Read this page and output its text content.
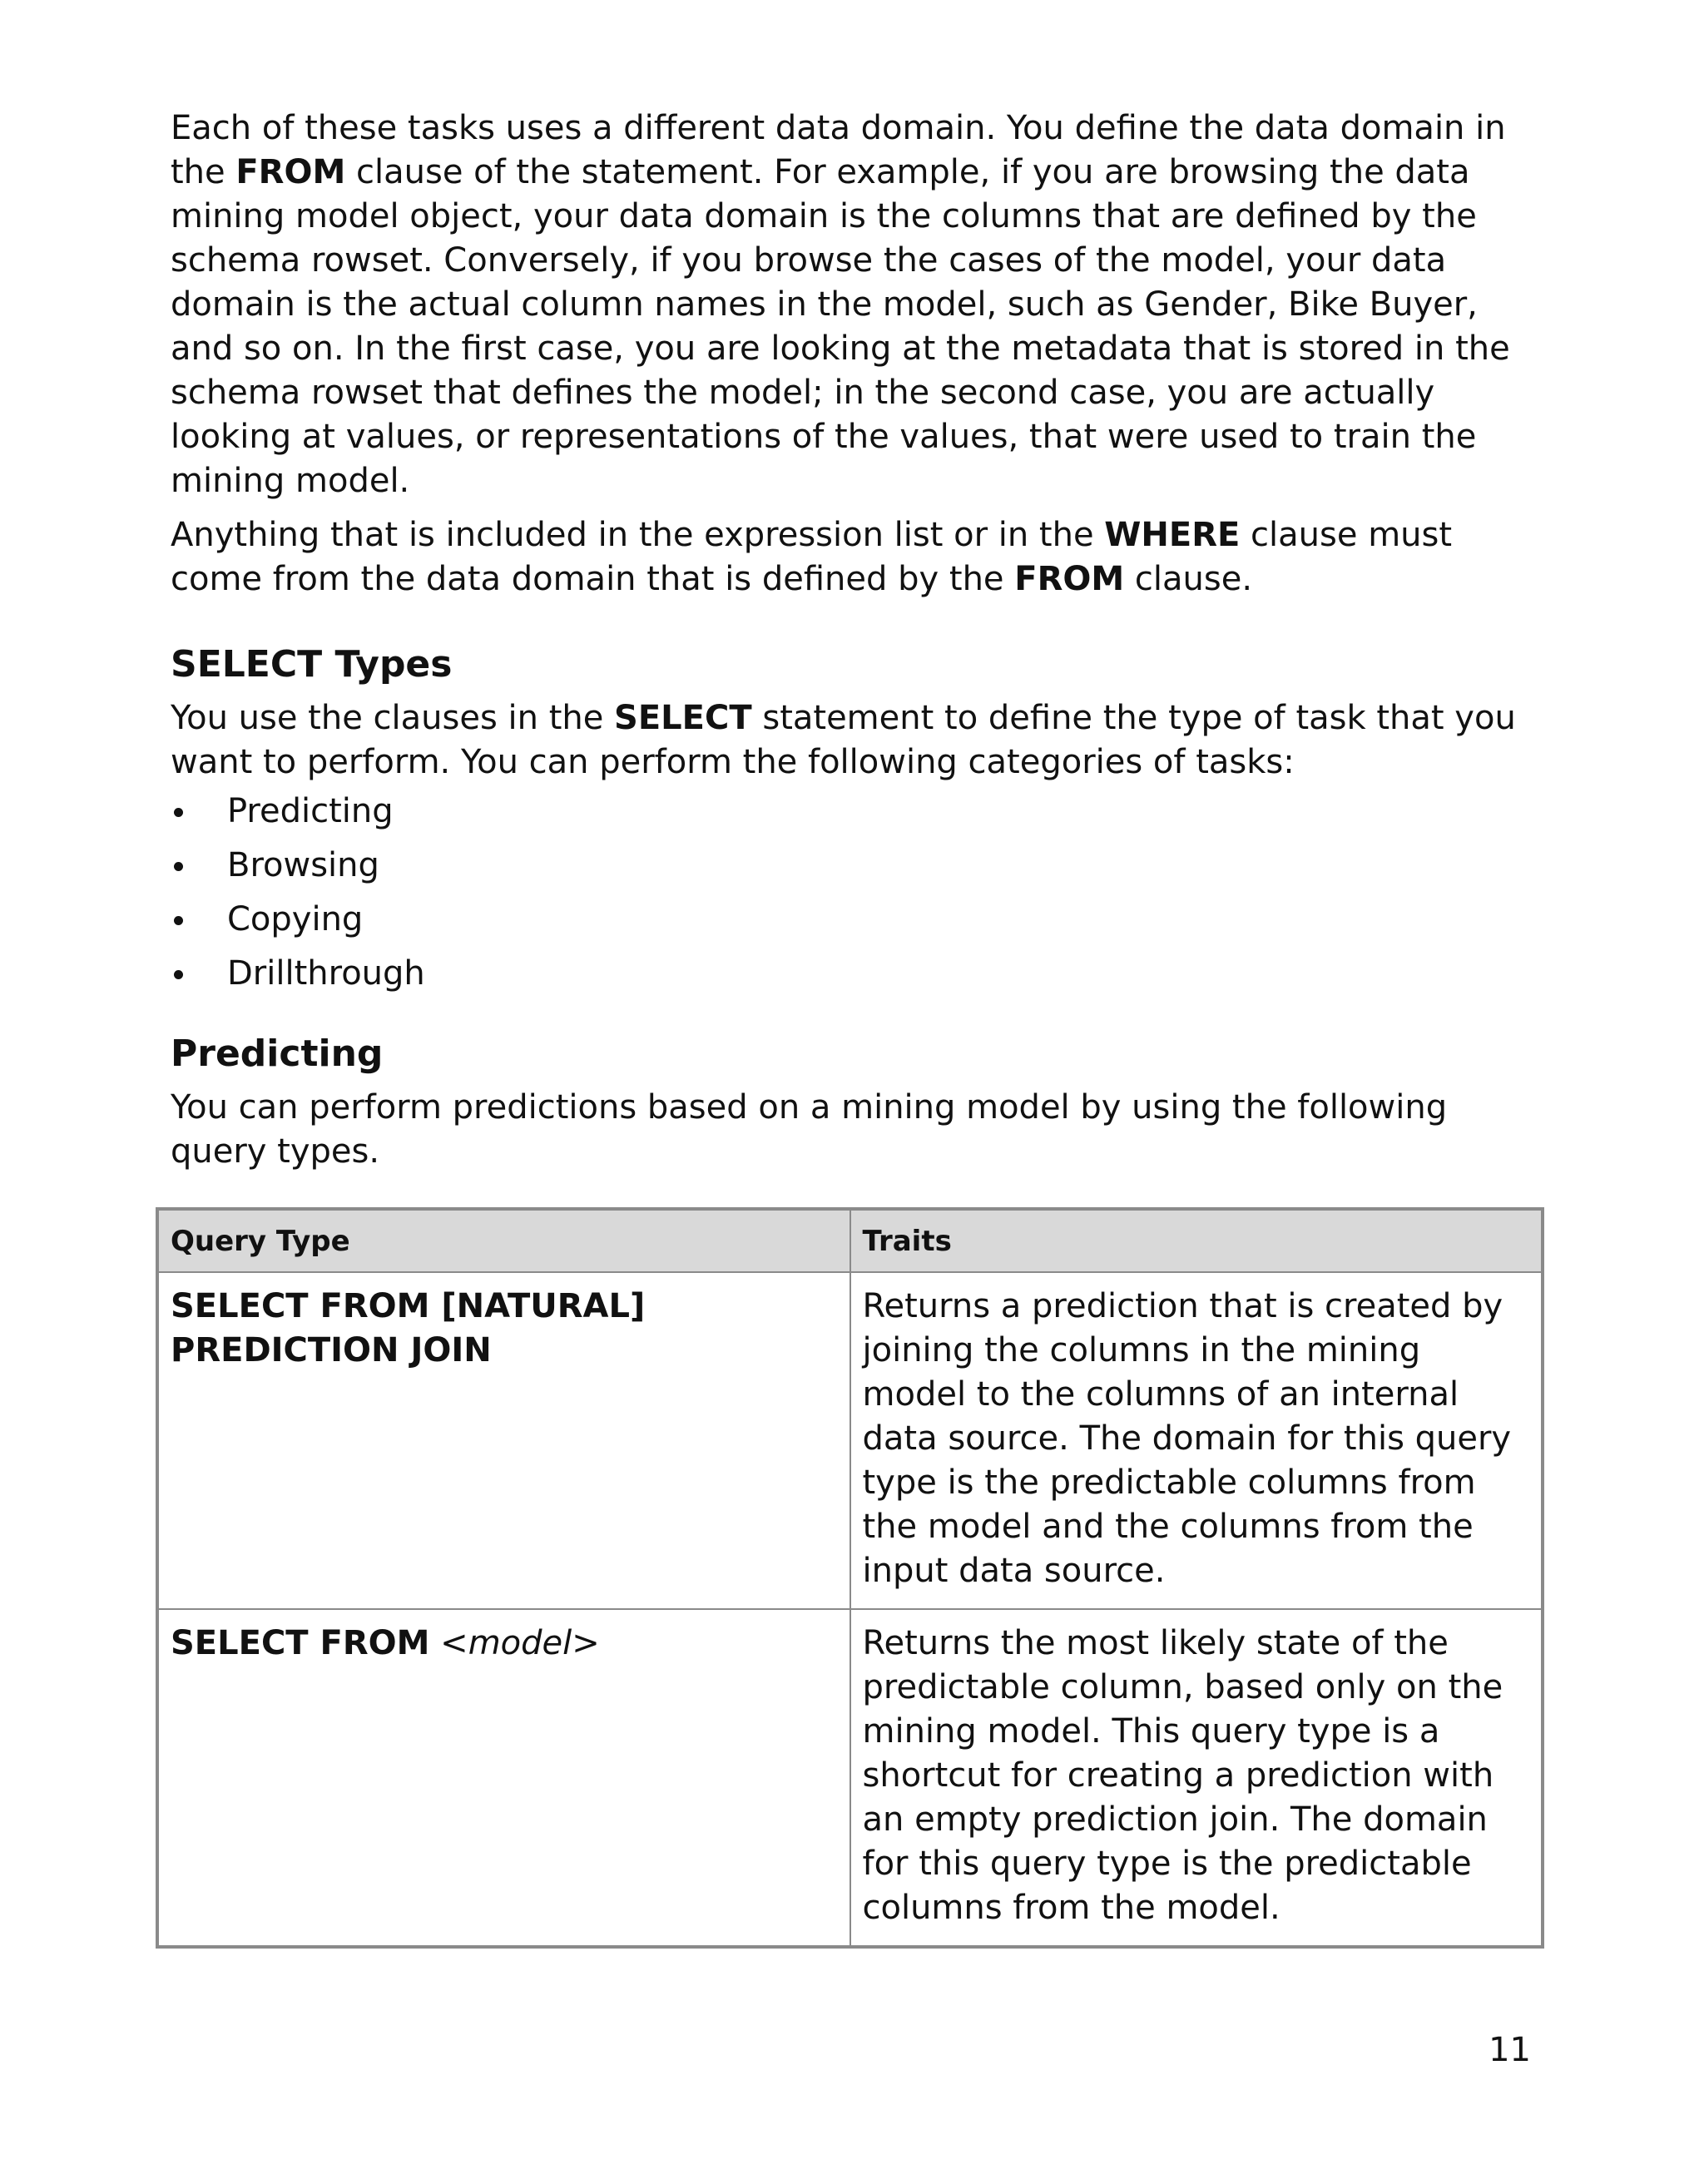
Each of these tasks uses a different data domain. You define the data domain in the FROM clause of the statement. For example, if you are browsing the data mining model object, your data domain is the columns that are defined by the schema rowset. Conversely, if you browse the cases of the model, your data domain is the actual column names in the model, such as Gender, Bike Buyer, and so on. In the first case, you are looking at the metadata that is stored in the schema rowset that defines the model; in the second case, you are actually looking at values, or representations of the values, that were used to train the mining model.

Anything that is included in the expression list or in the WHERE clause must come from the data domain that is defined by the FROM clause.

SELECT Types

You use the clauses in the SELECT statement to define the type of task that you want to perform. You can perform the following categories of tasks:

Predicting
Browsing
Copying
Drillthrough
Predicting

You can perform predictions based on a mining model by using the following query types.

Query Type	Traits
SELECT FROM [NATURAL] PREDICTION JOIN	Returns a prediction that is created by joining the columns in the mining model to the columns of an internal data source. The domain for this query type is the predictable columns from the model and the columns from the input data source.
SELECT FROM <model>	Returns the most likely state of the predictable column, based only on the mining model. This query type is a shortcut for creating a prediction with an empty prediction join. The domain for this query type is the predictable columns from the model.
11
